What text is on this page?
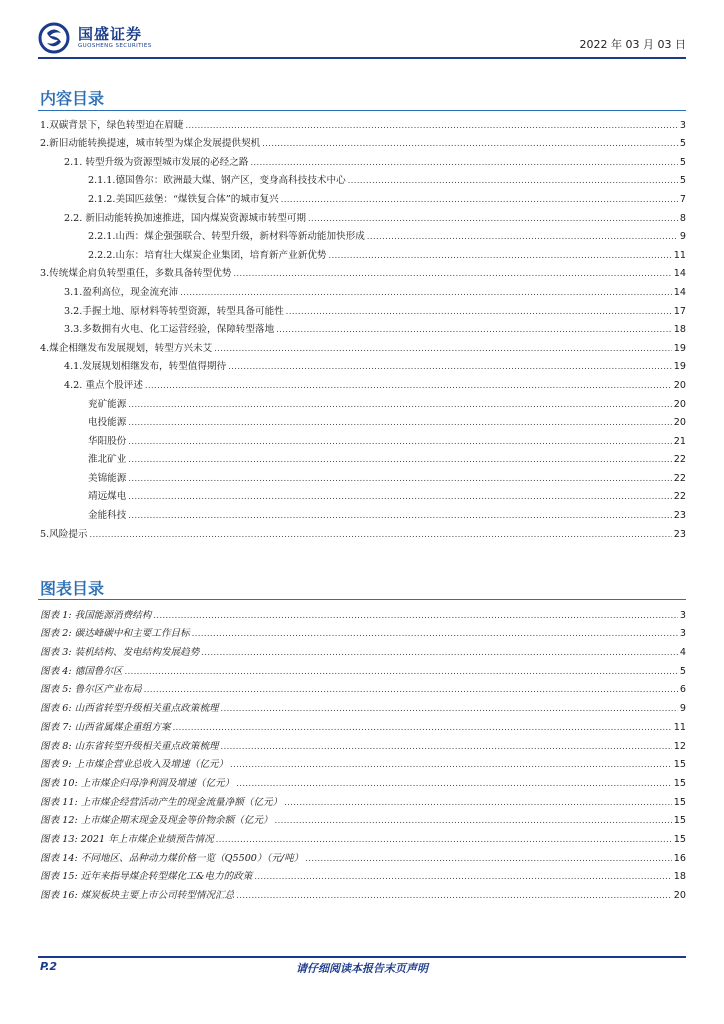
国盛证券
GUOSHENG SECURITIES	2022 年 03 月 03 日
内容目录
1.双碳背景下，绿色转型迫在眉睫 .....	3
2.新旧动能转换提速，城市转型为煤企发展提供契机 .....	5
2.1. 转型升级为资源型城市发展的必经之路 .....	5
2.1.1.德国鲁尔：欧洲最大煤、钢产区，变身高科技技术中心 .....	5
2.1.2.美国匹兹堡：“煤铁复合体”的城市复兴 .....	7
2.2. 新旧动能转换加速推进，国内煤炭资源城市转型可期 .....	8
2.2.1.山西：煤企强强联合、转型升级，新材料等新动能加快形成 .....	9
2.2.2.山东：培育壮大煤炭企业集团，培育新产业新优势 .....	11
3.传统煤企肩负转型重任，多数具备转型优势 .....	14
3.1.盈利高位，现金流充沛 .....	14
3.2.手握土地、原材料等转型资源，转型具备可能性 .....	17
3.3.多数拥有火电、化工运营经验，保障转型落地 .....	18
4.煤企相继发布发展规划，转型方兴未艾 .....	19
4.1.发展规划相继发布，转型值得期待 .....	19
4.2. 重点个股评述 .....	20
兖矿能源 .....	20
电投能源 .....	20
华阳股份 .....	21
淮北矿业 .....	22
美锦能源 .....	22
靖远煤电 .....	22
金能科技 .....	23
5.风险提示 .....	23
图表目录
图表 1: 我国能源消费结构 .....	3
图表 2: 碳达峰碳中和主要工作目标 .....	3
图表 3: 装机结构、发电结构发展趋势 .....	4
图表 4: 德国鲁尔区 .....	5
图表 5: 鲁尔区产业布局 .....	6
图表 6: 山西省转型升级相关重点政策梳理 .....	9
图表 7: 山西省属煤企重组方案 .....	11
图表 8: 山东省转型升级相关重点政策梳理 .....	12
图表 9: 上市煤企营业总收入及增速（亿元） .....	15
图表 10: 上市煤企归母净利润及增速（亿元） .....	15
图表 11: 上市煤企经营活动产生的现金流量净额（亿元） .....	15
图表 12: 上市煤企期末现金及现金等价物余额（亿元） .....	15
图表 13: 2021 年上市煤企业绩预告情况 .....	15
图表 14: 不同地区、品种动力煤价格一览（Q5500）（元/吨） .....	16
图表 15: 近年来指导煤企转型煤化工&电力的政策 .....	18
图表 16: 煤炭板块主要上市公司转型情况汇总 .....	20
P.2	请仔细阅读本报告末页声明
